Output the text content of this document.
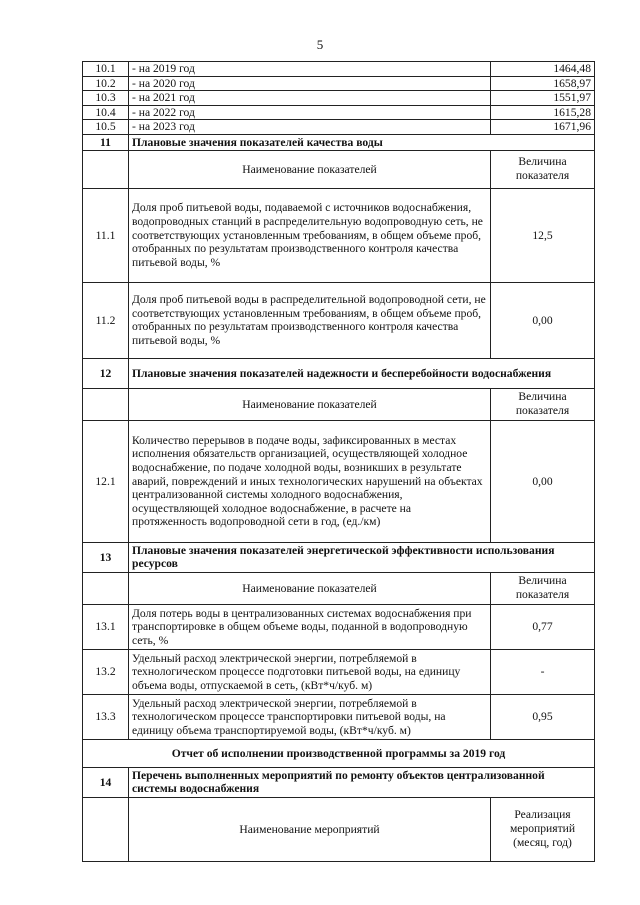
5
10.1	- на 2019 год	1464,48
10.2	- на 2020 год	1658,97
10.3	- на 2021 год	1551,97
10.4	- на 2022 год	1615,28
10.5	- на 2023 год	1671,96
11	Плановые значения показателей качества воды	
	Наименование показателей	Величина показателя
11.1	Доля проб питьевой воды, подаваемой с источников водоснабжения, водопроводных станций в распределительную водопроводную сеть, не соответствующих установленным требованиям, в общем объеме проб, отобранных по результатам производственного контроля качества питьевой воды, %	12,5
11.2	Доля проб питьевой воды в распределительной водопроводной сети, не соответствующих установленным требованиям, в общем объеме проб, отобранных по результатам производственного контроля качества питьевой воды, %	0,00
12	Плановые значения показателей надежности и бесперебойности водоснабжения	
	Наименование показателей	Величина показателя
12.1	Количество перерывов в подаче воды, зафиксированных в местах исполнения обязательств организацией, осуществляющей холодное водоснабжение, по подаче холодной воды, возникших в результате аварий, повреждений и иных технологических нарушений на объектах централизованной системы холодного водоснабжения, осуществляющей холодное водоснабжение, в расчете на протяженность водопроводной сети в год, (ед./км)	0,00
13	Плановые значения показателей энергетической эффективности использования ресурсов	
	Наименование показателей	Величина показателя
13.1	Доля потерь воды в централизованных системах водоснабжения при транспортировке в общем объеме воды, поданной в водопроводную сеть, %	0,77
13.2	Удельный расход электрической энергии, потребляемой в технологическом процессе подготовки питьевой воды, на единицу объема воды, отпускаемой в сеть, (кВт*ч/куб. м)	-
13.3	Удельный расход электрической энергии, потребляемой в технологическом процессе транспортировки питьевой воды, на единицу объема транспортируемой воды, (кВт*ч/куб. м)	0,95
Отчет об исполнении производственной программы за 2019 год		
14	Перечень выполненных мероприятий по ремонту объектов централизованной системы водоснабжения	
	Наименование мероприятий	Реализация мероприятий (месяц, год)
